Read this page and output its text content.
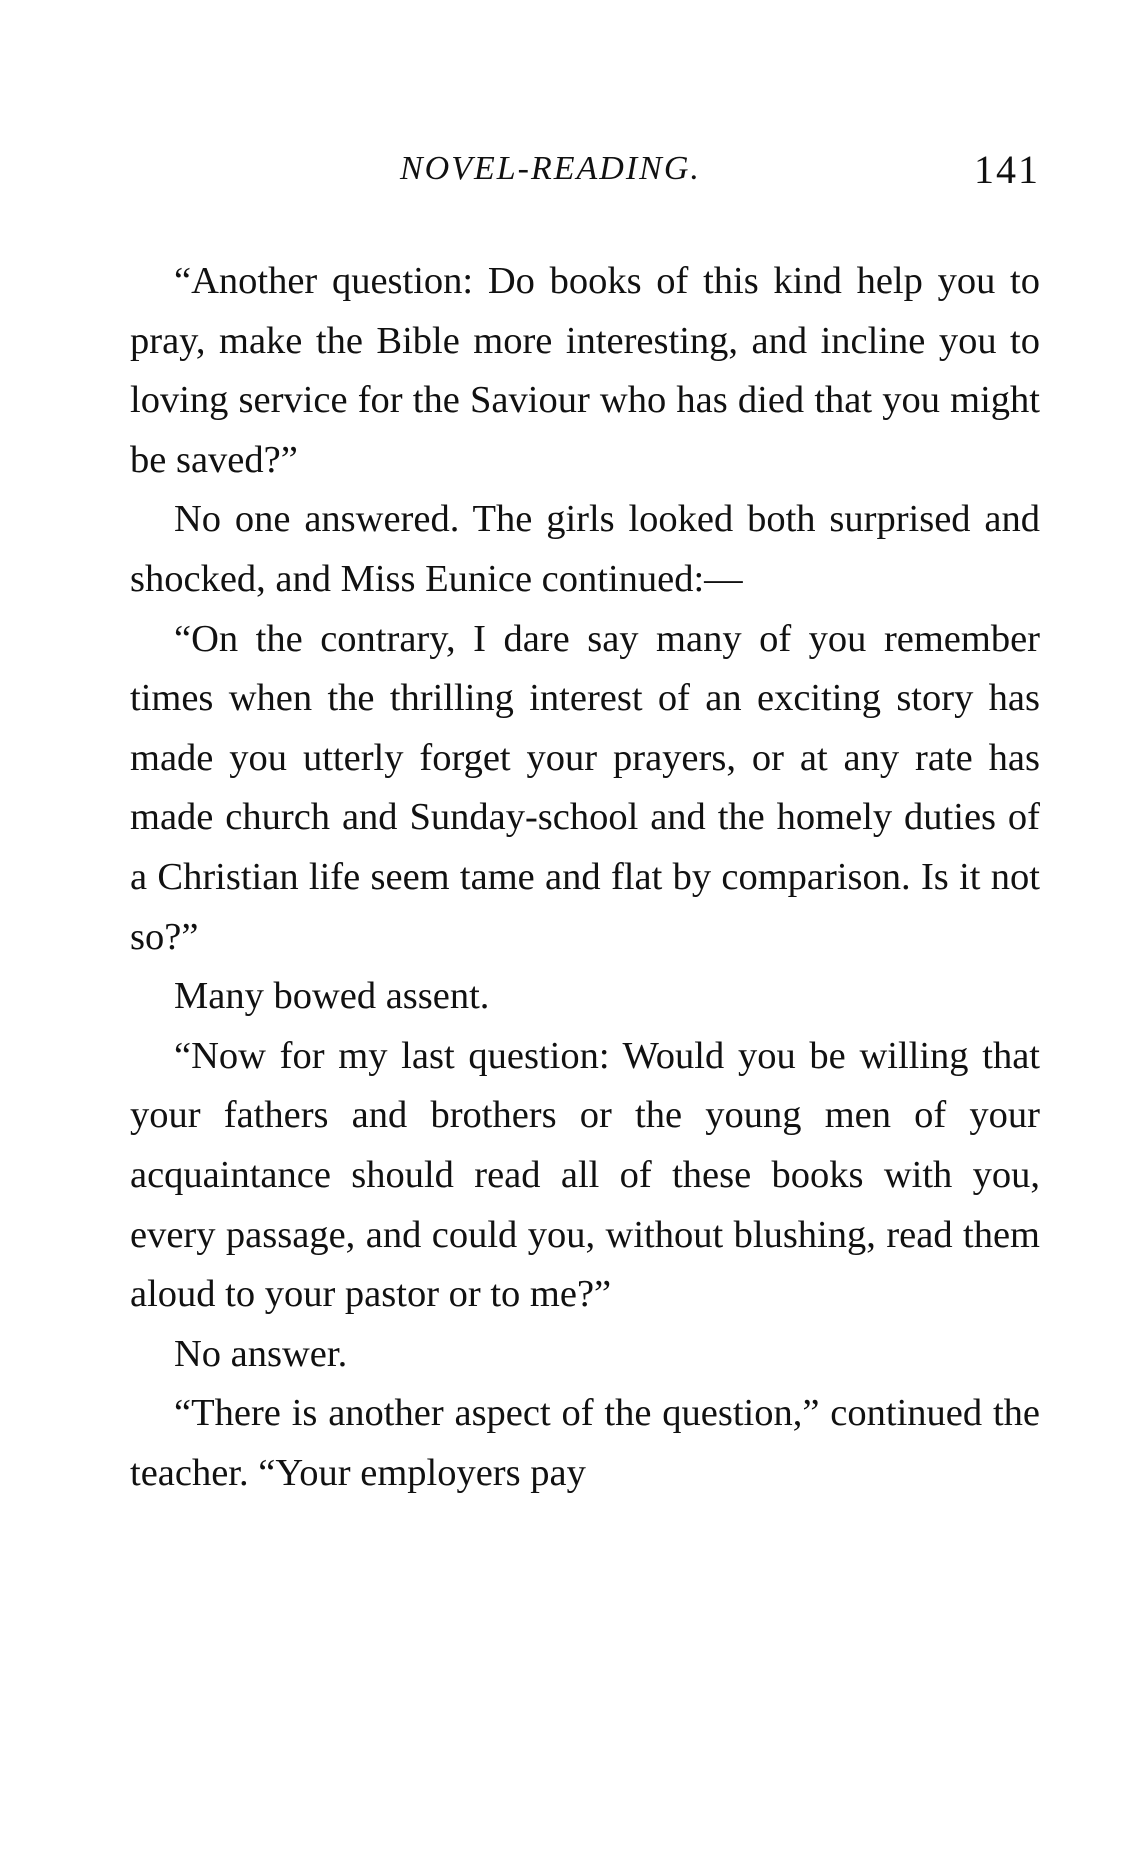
NOVEL-READING.	141

“Another question: Do books of this kind help you to pray, make the Bible more interesting, and incline you to loving service for the Saviour who has died that you might be saved?”

No one answered. The girls looked both surprised and shocked, and Miss Eunice continued:—

“On the contrary, I dare say many of you remember times when the thrilling interest of an exciting story has made you utterly forget your prayers, or at any rate has made church and Sunday-school and the homely duties of a Christian life seem tame and flat by comparison. Is it not so?”

Many bowed assent.

“Now for my last question: Would you be willing that your fathers and brothers or the young men of your acquaintance should read all of these books with you, every passage, and could you, without blushing, read them aloud to your pastor or to me?”

No answer.

“There is another aspect of the question,” continued the teacher. “Your employers pay
